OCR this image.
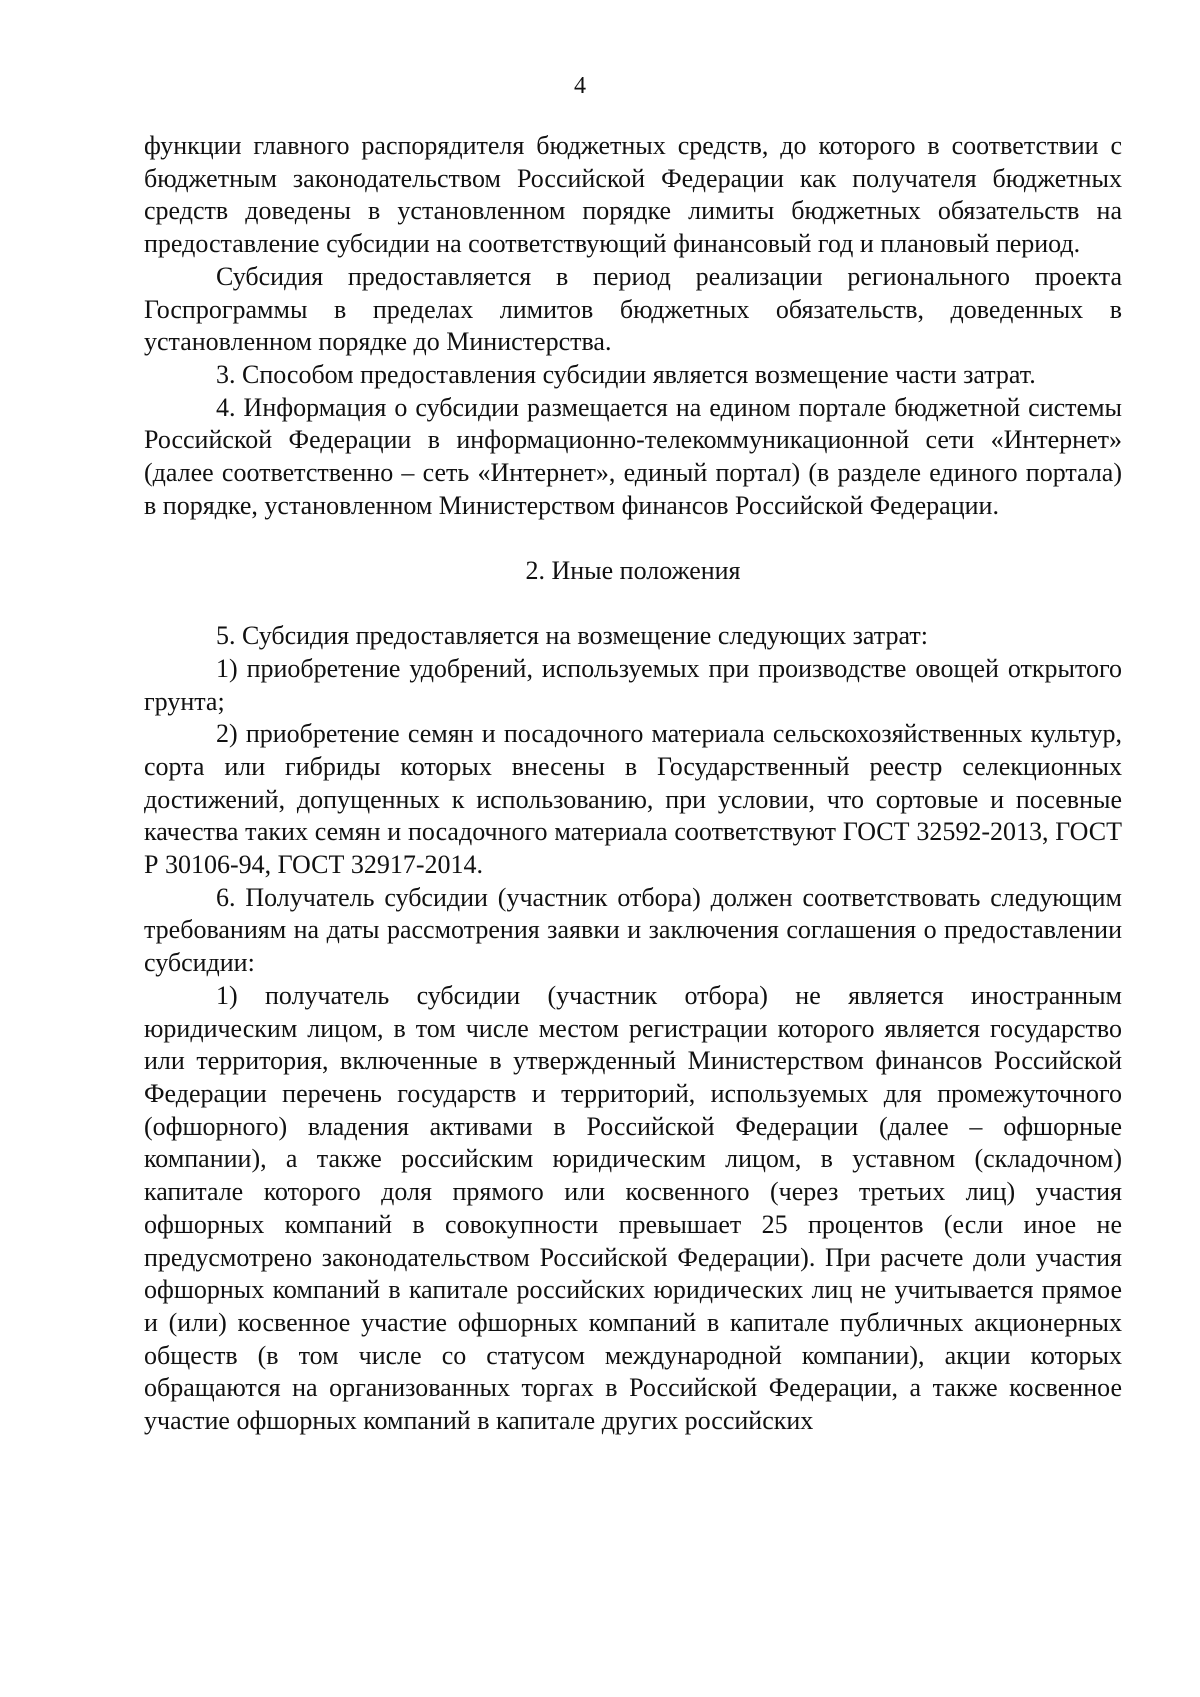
4

функции главного распорядителя бюджетных средств, до которого в соответствии с бюджетным законодательством Российской Федерации как получателя бюджетных средств доведены в установленном порядке лимиты бюджетных обязательств на предоставление субсидии на соответствующий финансовый год и плановый период.

Субсидия предоставляется в период реализации регионального проекта Госпрограммы в пределах лимитов бюджетных обязательств, доведенных в установленном порядке до Министерства.

3. Способом предоставления субсидии является возмещение части затрат.

4. Информация о субсидии размещается на едином портале бюджетной системы Российской Федерации в информационно-телекоммуникационной сети «Интернет» (далее соответственно – сеть «Интернет», единый портал) (в разделе единого портала) в порядке, установленном Министерством финансов Российской Федерации.

2. Иные положения

5. Субсидия предоставляется на возмещение следующих затрат:

1) приобретение удобрений, используемых при производстве овощей открытого грунта;

2) приобретение семян и посадочного материала сельскохозяйственных культур, сорта или гибриды которых внесены в Государственный реестр селекционных достижений, допущенных к использованию, при условии, что сортовые и посевные качества таких семян и посадочного материала соответствуют ГОСТ 32592-2013, ГОСТ Р 30106-94, ГОСТ 32917-2014.

6. Получатель субсидии (участник отбора) должен соответствовать следующим требованиям на даты рассмотрения заявки и заключения соглашения о предоставлении субсидии:

1) получатель субсидии (участник отбора) не является иностранным юридическим лицом, в том числе местом регистрации которого является государство или территория, включенные в утвержденный Министерством финансов Российской Федерации перечень государств и территорий, используемых для промежуточного (офшорного) владения активами в Российской Федерации (далее – офшорные компании), а также российским юридическим лицом, в уставном (складочном) капитале которого доля прямого или косвенного (через третьих лиц) участия офшорных компаний в совокупности превышает 25 процентов (если иное не предусмотрено законодательством Российской Федерации). При расчете доли участия офшорных компаний в капитале российских юридических лиц не учитывается прямое и (или) косвенное участие офшорных компаний в капитале публичных акционерных обществ (в том числе со статусом международной компании), акции которых обращаются на организованных торгах в Российской Федерации, а также косвенное участие офшорных компаний в капитале других российских
